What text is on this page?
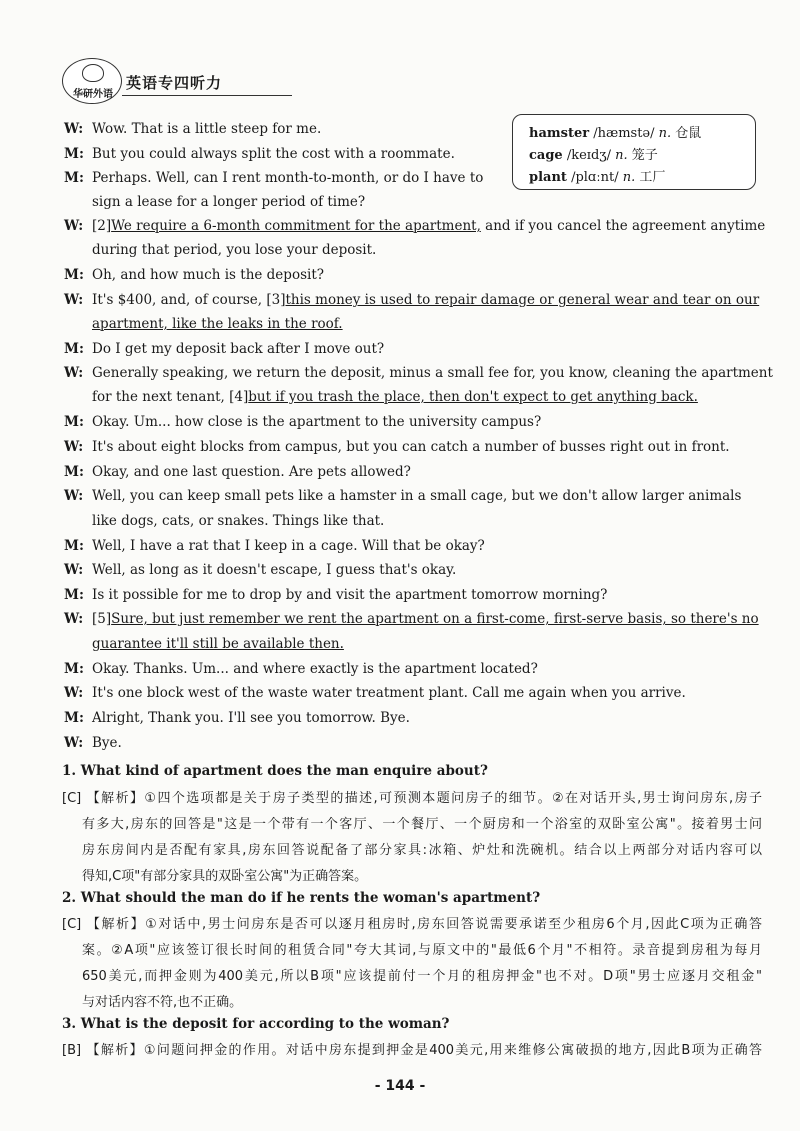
华研外语
英语专四听力
hamster /hæmstə/ n. 仓鼠
cage /keɪdʒ/ n. 笼子
plant /plɑːnt/ n. 工厂
W: Wow. That is a little steep for me.
M: But you could always split the cost with a roommate.
M: Perhaps. Well, can I rent month-to-month, or do I have to
sign a lease for a longer period of time?
W: [2]We require a 6-month commitment for the apartment, and if you cancel the agreement anytime
during that period, you lose your deposit.
M: Oh, and how much is the deposit?
W: It's $400, and, of course, [3]this money is used to repair damage or general wear and tear on our
apartment, like the leaks in the roof.
M: Do I get my deposit back after I move out?
W: Generally speaking, we return the deposit, minus a small fee for, you know, cleaning the apartment
for the next tenant, [4]but if you trash the place, then don't expect to get anything back.
M: Okay. Um... how close is the apartment to the university campus?
W: It's about eight blocks from campus, but you can catch a number of busses right out in front.
M: Okay, and one last question. Are pets allowed?
W: Well, you can keep small pets like a hamster in a small cage, but we don't allow larger animals
like dogs, cats, or snakes. Things like that.
M: Well, I have a rat that I keep in a cage. Will that be okay?
W: Well, as long as it doesn't escape, I guess that's okay.
M: Is it possible for me to drop by and visit the apartment tomorrow morning?
W: [5]Sure, but just remember we rent the apartment on a first-come, first-serve basis, so there's no
guarantee it'll still be available then.
M: Okay. Thanks. Um... and where exactly is the apartment located?
W: It's one block west of the waste water treatment plant. Call me again when you arrive.
M: Alright, Thank you. I'll see you tomorrow. Bye.
W: Bye.
1. What kind of apartment does the man enquire about?

[C] 【解析】①四个选项都是关于房子类型的描述,可预测本题问房子的细节。②在对话开头,男士询问房东,房子

有多大,房东的回答是"这是一个带有一个客厅、一个餐厅、一个厨房和一个浴室的双卧室公寓"。接着男士问

房东房间内是否配有家具,房东回答说配备了部分家具:冰箱、炉灶和洗碗机。结合以上两部分对话内容可以

得知,C项"有部分家具的双卧室公寓"为正确答案。

2. What should the man do if he rents the woman's apartment?

[C] 【解析】①对话中,男士问房东是否可以逐月租房时,房东回答说需要承诺至少租房6个月,因此C项为正确答

案。②A项"应该签订很长时间的租赁合同"夸大其词,与原文中的"最低6个月"不相符。录音提到房租为每月

650美元,而押金则为400美元,所以B项"应该提前付一个月的租房押金"也不对。D项"男士应逐月交租金"

与对话内容不符,也不正确。

3. What is the deposit for according to the woman?

[B] 【解析】①问题问押金的作用。对话中房东提到押金是400美元,用来维修公寓破损的地方,因此B项为正确答

- 144 -
